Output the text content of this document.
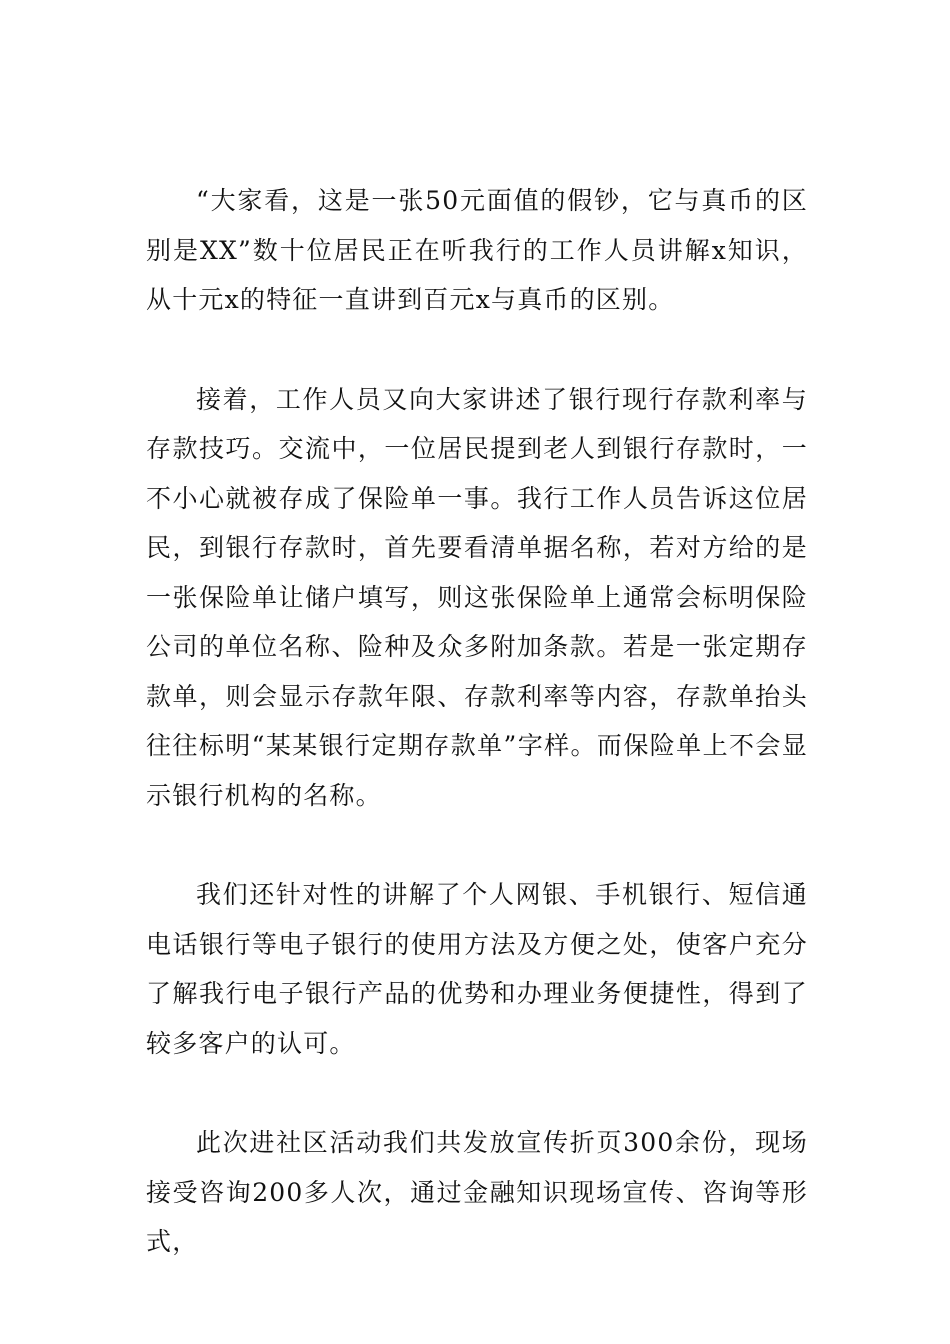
“大家看，这是一张50元面值的假钞，它与真币的区别是XX”数十位居民正在听我行的工作人员讲解x知识，从十元x的特征一直讲到百元x与真币的区别。

接着，工作人员又向大家讲述了银行现行存款利率与存款技巧。交流中，一位居民提到老人到银行存款时，一不小心就被存成了保险单一事。我行工作人员告诉这位居民，到银行存款时，首先要看清单据名称，若对方给的是一张保险单让储户填写，则这张保险单上通常会标明保险公司的单位名称、险种及众多附加条款。若是一张定期存款单，则会显示存款年限、存款利率等内容，存款单抬头往往标明“某某银行定期存款单”字样。而保险单上不会显示银行机构的名称。

我们还针对性的讲解了个人网银、手机银行、短信通电话银行等电子银行的使用方法及方便之处，使客户充分了解我行电子银行产品的优势和办理业务便捷性，得到了较多客户的认可。

此次进社区活动我们共发放宣传折页300余份，现场接受咨询200多人次，通过金融知识现场宣传、咨询等形式，
